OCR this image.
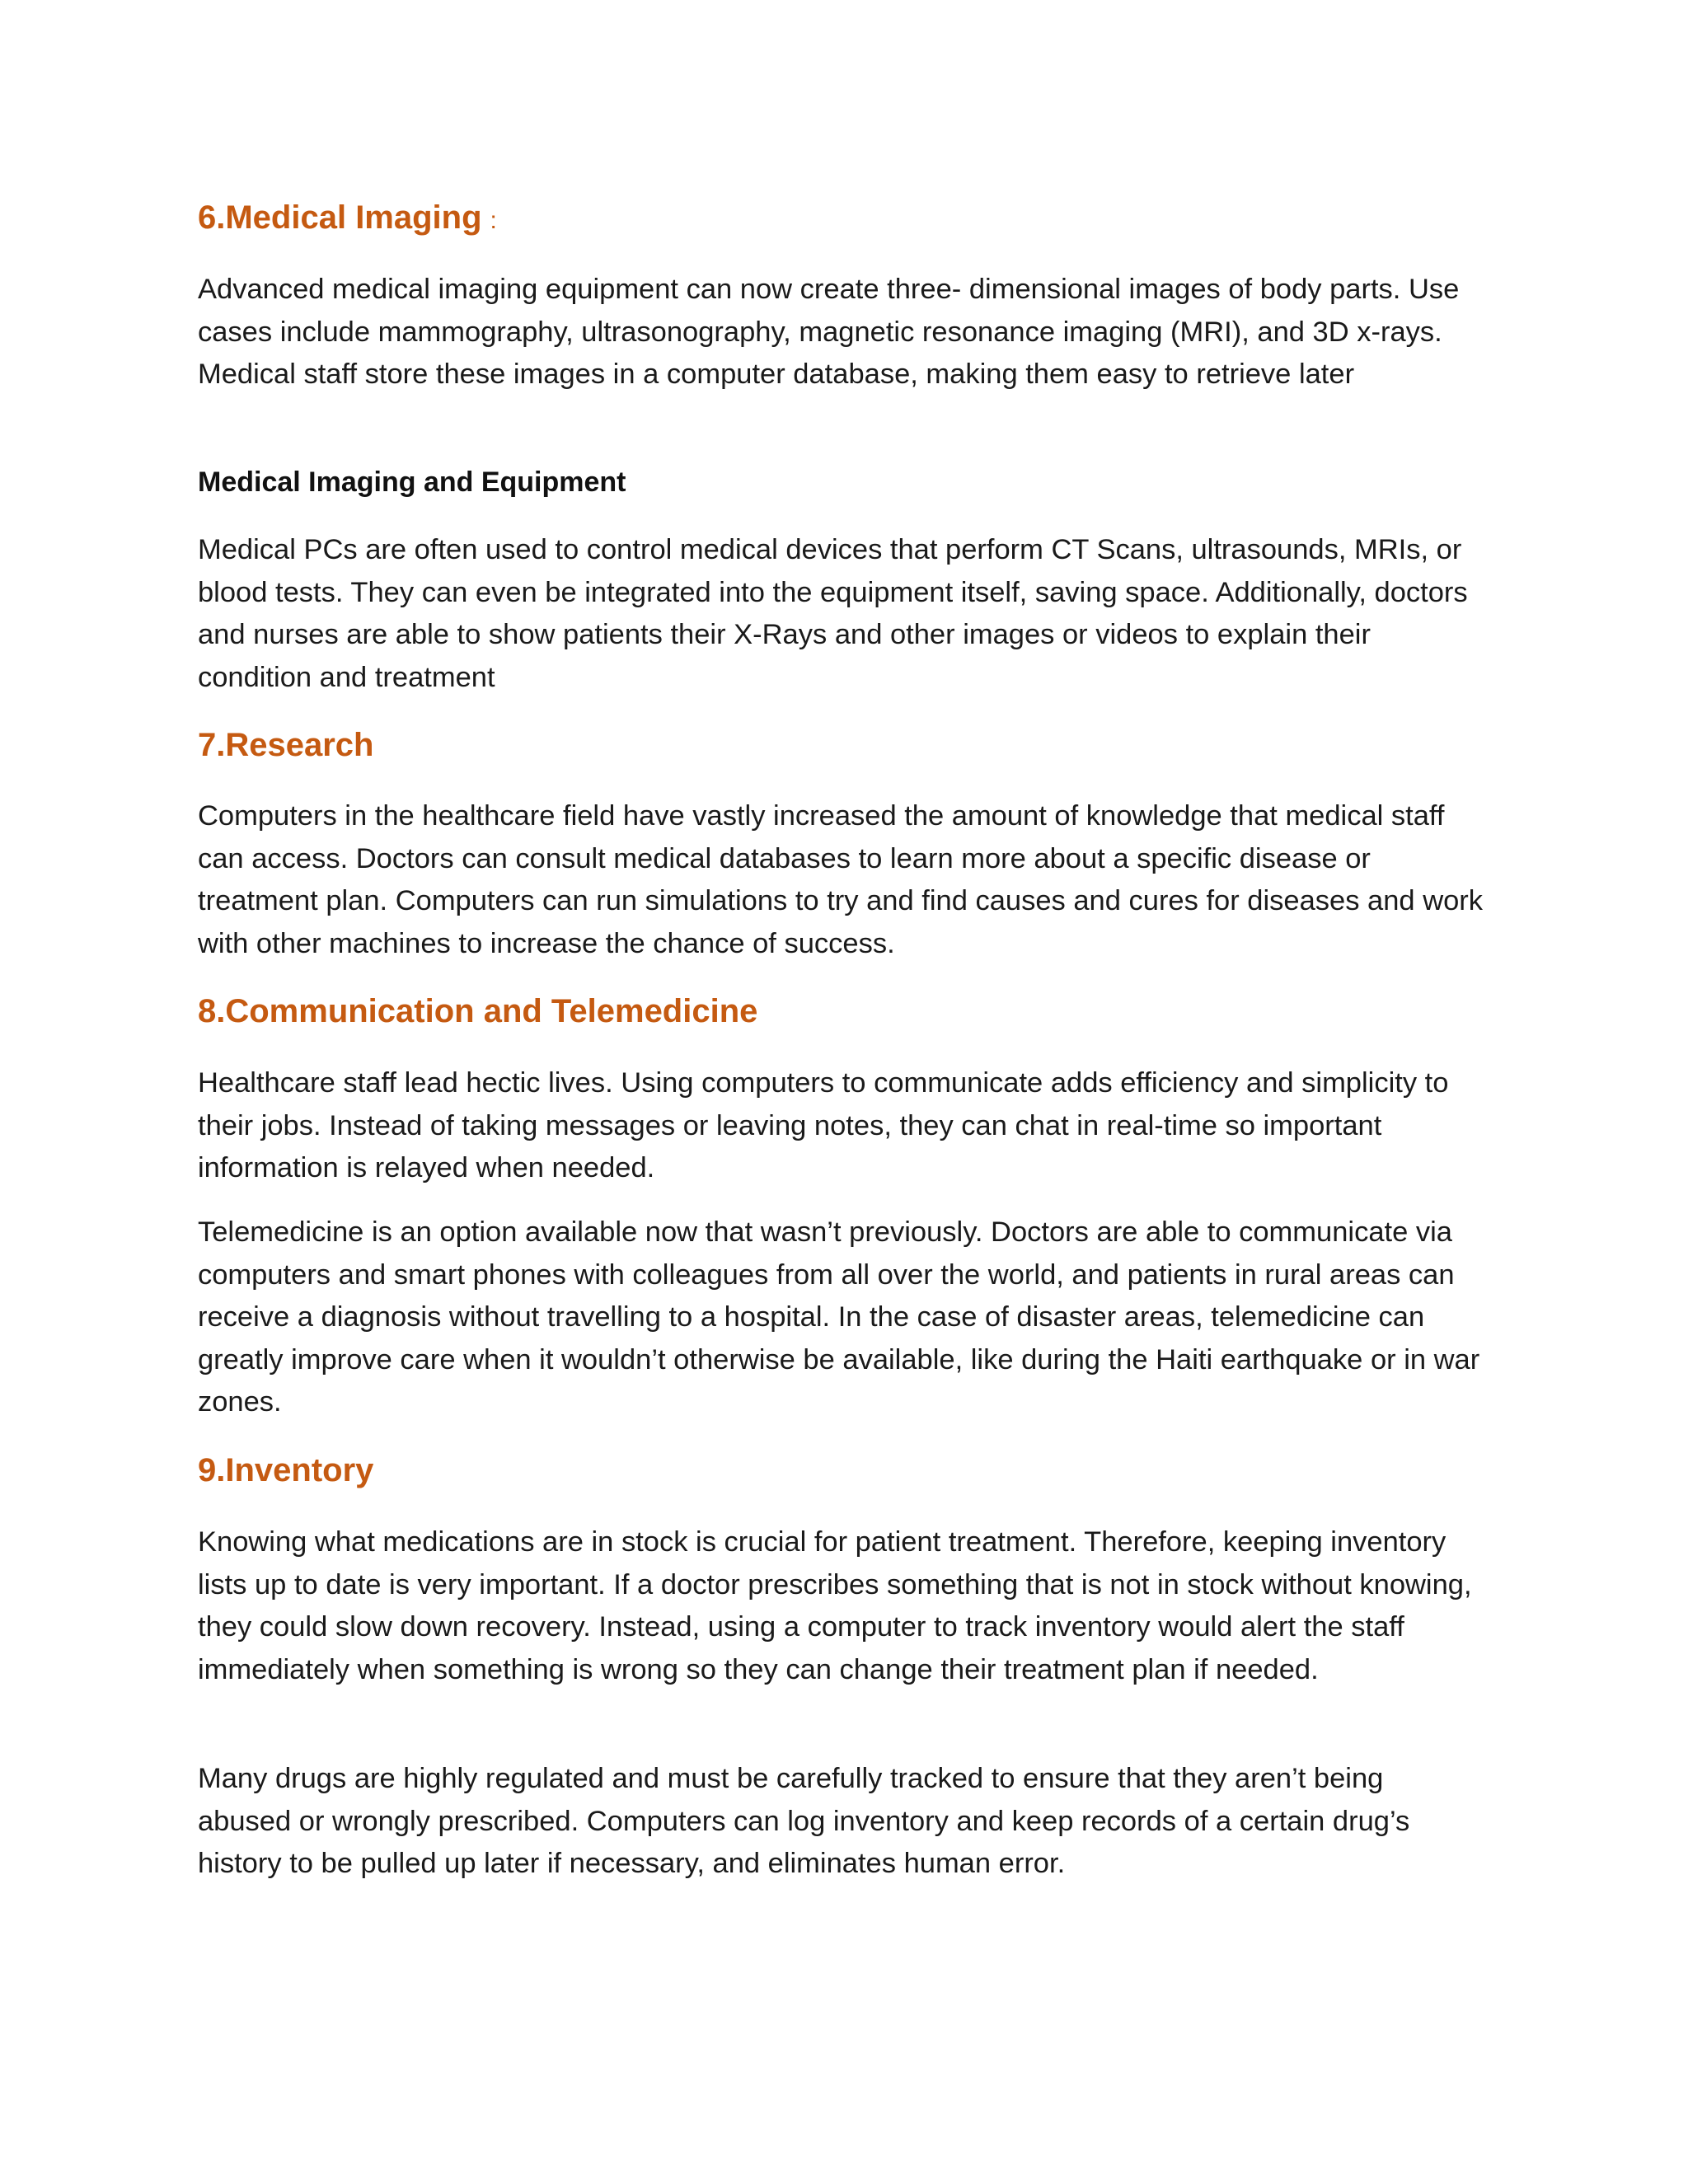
6.Medical Imaging :

Advanced medical imaging equipment can now create three- dimensional images of body parts. Use cases include mammography, ultrasonography, magnetic resonance imaging (MRI), and 3D x-rays. Medical staff store these images in a computer database, making them easy to retrieve later

Medical Imaging and Equipment

Medical PCs are often used to control medical devices that perform CT Scans, ultrasounds, MRIs, or blood tests. They can even be integrated into the equipment itself, saving space. Additionally, doctors and nurses are able to show patients their X-Rays and other images or videos to explain their condition and treatment

7.Research

Computers in the healthcare field have vastly increased the amount of knowledge that medical staff can access. Doctors can consult medical databases to learn more about a specific disease or treatment plan. Computers can run simulations to try and find causes and cures for diseases and work with other machines to increase the chance of success.

8.Communication and Telemedicine

Healthcare staff lead hectic lives. Using computers to communicate adds efficiency and simplicity to their jobs. Instead of taking messages or leaving notes, they can chat in real-time so important information is relayed when needed.

Telemedicine is an option available now that wasn’t previously. Doctors are able to communicate via computers and smart phones with colleagues from all over the world, and patients in rural areas can receive a diagnosis without travelling to a hospital. In the case of disaster areas, telemedicine can greatly improve care when it wouldn’t otherwise be available, like during the Haiti earthquake or in war zones.

9.Inventory

Knowing what medications are in stock is crucial for patient treatment. Therefore, keeping inventory lists up to date is very important. If a doctor prescribes something that is not in stock without knowing, they could slow down recovery. Instead, using a computer to track inventory would alert the staff immediately when something is wrong so they can change their treatment plan if needed.

Many drugs are highly regulated and must be carefully tracked to ensure that they aren’t being abused or wrongly prescribed. Computers can log inventory and keep records of a certain drug’s history to be pulled up later if necessary, and eliminates human error.
